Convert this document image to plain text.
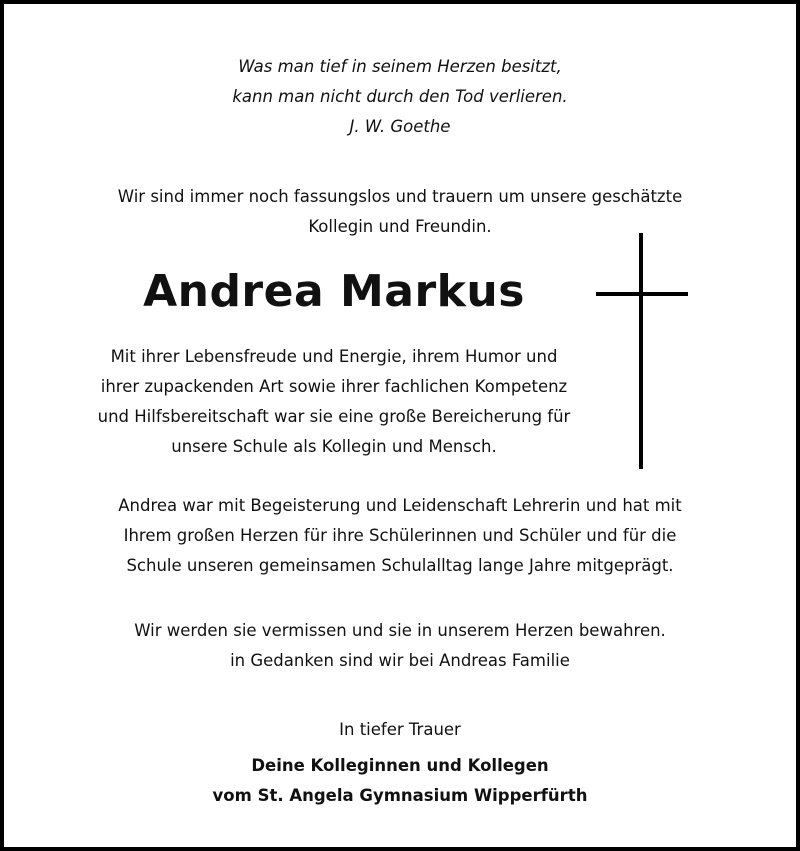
Was man tief in seinem Herzen besitzt,
kann man nicht durch den Tod verlieren.
J. W. Goethe
Wir sind immer noch fassungslos und trauern um unsere geschätzte
Kollegin und Freundin.
Andrea Markus
Mit ihrer Lebensfreude und Energie, ihrem Humor und
ihrer zupackenden Art sowie ihrer fachlichen Kompetenz
und Hilfsbereitschaft war sie eine große Bereicherung für
unsere Schule als Kollegin und Mensch.
Andrea war mit Begeisterung und Leidenschaft Lehrerin und hat mit
Ihrem großen Herzen für ihre Schülerinnen und Schüler und für die
Schule unseren gemeinsamen Schulalltag lange Jahre mitgeprägt.
Wir werden sie vermissen und sie in unserem Herzen bewahren.
in Gedanken sind wir bei Andreas Familie
In tiefer Trauer
Deine Kolleginnen und Kollegen
vom St. Angela Gymnasium Wipperfürth
